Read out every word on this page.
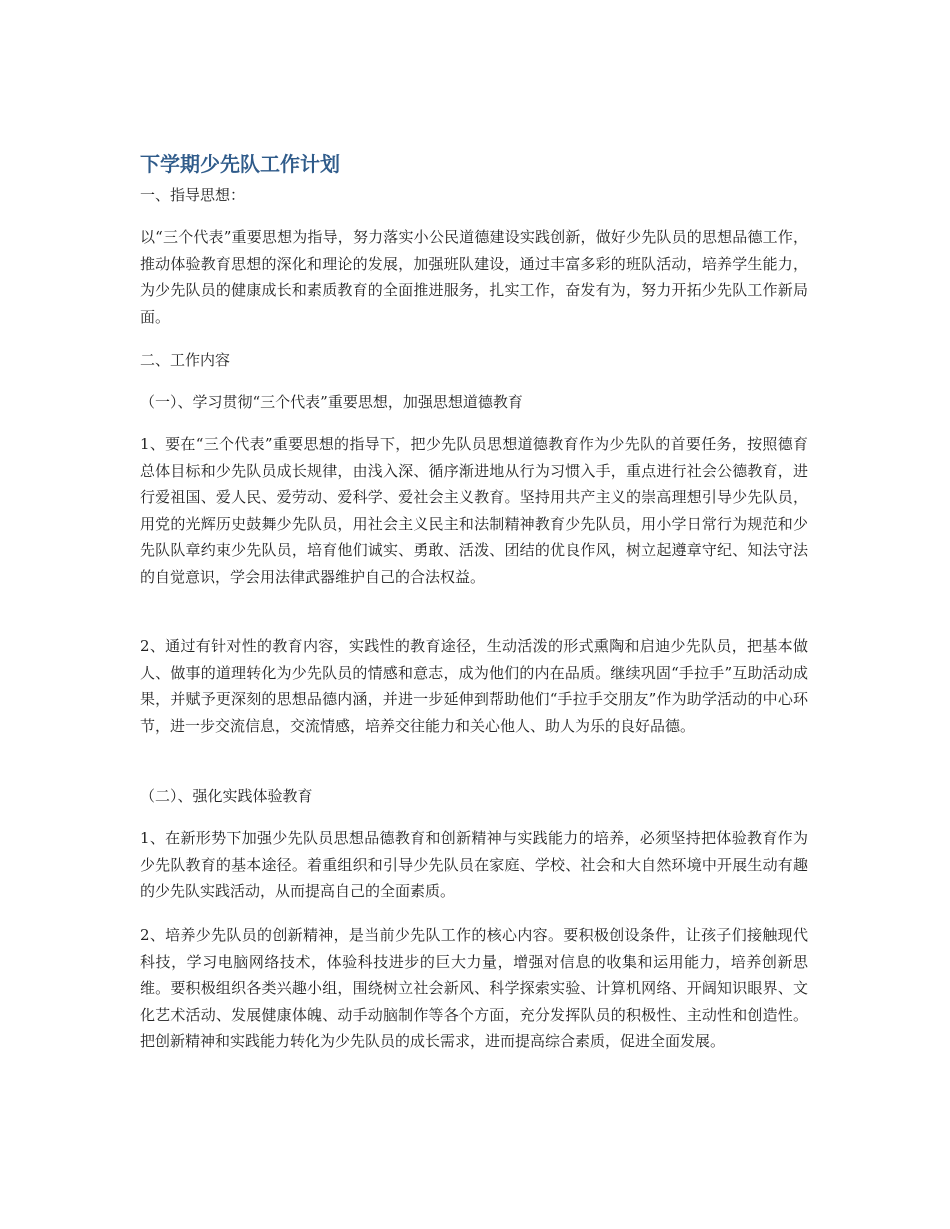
下学期少先队工作计划

一、指导思想：

以“三个代表”重要思想为指导，努力落实小公民道德建设实践创新，做好少先队员的思想品德工作，推动体验教育思想的深化和理论的发展，加强班队建设，通过丰富多彩的班队活动，培养学生能力，为少先队员的健康成长和素质教育的全面推进服务，扎实工作，奋发有为，努力开拓少先队工作新局面。

二、工作内容

（一）、学习贯彻“三个代表”重要思想，加强思想道德教育

1、要在“三个代表”重要思想的指导下，把少先队员思想道德教育作为少先队的首要任务，按照德育总体目标和少先队员成长规律，由浅入深、循序渐进地从行为习惯入手，重点进行社会公德教育，进行爱祖国、爱人民、爱劳动、爱科学、爱社会主义教育。坚持用共产主义的崇高理想引导少先队员，用党的光辉历史鼓舞少先队员，用社会主义民主和法制精神教育少先队员，用小学日常行为规范和少先队队章约束少先队员，培育他们诚实、勇敢、活泼、团结的优良作风，树立起遵章守纪、知法守法的自觉意识，学会用法律武器维护自己的合法权益。

2、通过有针对性的教育内容，实践性的教育途径，生动活泼的形式熏陶和启迪少先队员，把基本做人、做事的道理转化为少先队员的情感和意志，成为他们的内在品质。继续巩固“手拉手”互助活动成果，并赋予更深刻的思想品德内涵，并进一步延伸到帮助他们“手拉手交朋友”作为助学活动的中心环节，进一步交流信息，交流情感，培养交往能力和关心他人、助人为乐的良好品德。

（二）、强化实践体验教育

1、在新形势下加强少先队员思想品德教育和创新精神与实践能力的培养，必须坚持把体验教育作为少先队教育的基本途径。着重组织和引导少先队员在家庭、学校、社会和大自然环境中开展生动有趣的少先队实践活动，从而提高自己的全面素质。

2、培养少先队员的创新精神，是当前少先队工作的核心内容。要积极创设条件，让孩子们接触现代科技，学习电脑网络技术，体验科技进步的巨大力量，增强对信息的收集和运用能力，培养创新思维。要积极组织各类兴趣小组，围绕树立社会新风、科学探索实验、计算机网络、开阔知识眼界、文化艺术活动、发展健康体魄、动手动脑制作等各个方面，充分发挥队员的积极性、主动性和创造性。把创新精神和实践能力转化为少先队员的成长需求，进而提高综合素质，促进全面发展。
